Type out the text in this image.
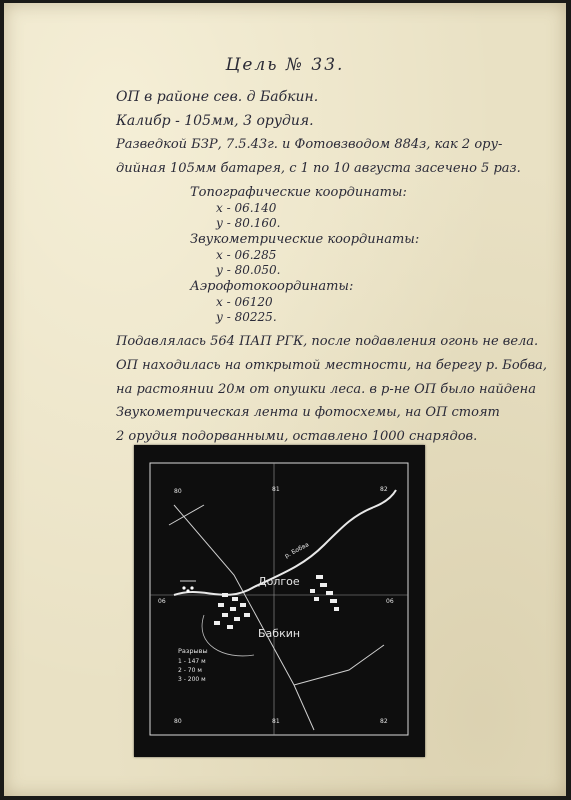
Цель № 33.
ОП в районе сев. д Бабкин.
Калибр - 105мм, 3 орудия.
Разведкой БЗР, 7.5.43г. и Фотовзводом 884з, как 2 ору-
дийная 105мм батарея, с 1 по 10 августа засечено 5 раз.
Топографические координаты:
х - 06.140
у - 80.160.
Звукометрические координаты:
х - 06.285
у - 80.050.
Аэрофотокоординаты:
х - 06120
у - 80225.
Подавлялась 564 ПАП РГК, после подавления огонь не вела.
ОП находилась на открытой местности, на берегу р. Бобва,
на растоянии 20м от опушки леса. в р-не ОП было найдена
Звукометрическая лента и фотосхемы, на ОП стоят
2 орудия подорванными, оставлено 1000 снарядов.
Долгое
Бабкин
р. Бобва
Разрывы
1 - 147 м
2 - 70 м
3 - 200 м
80	81	82
06	06
80	81	82
